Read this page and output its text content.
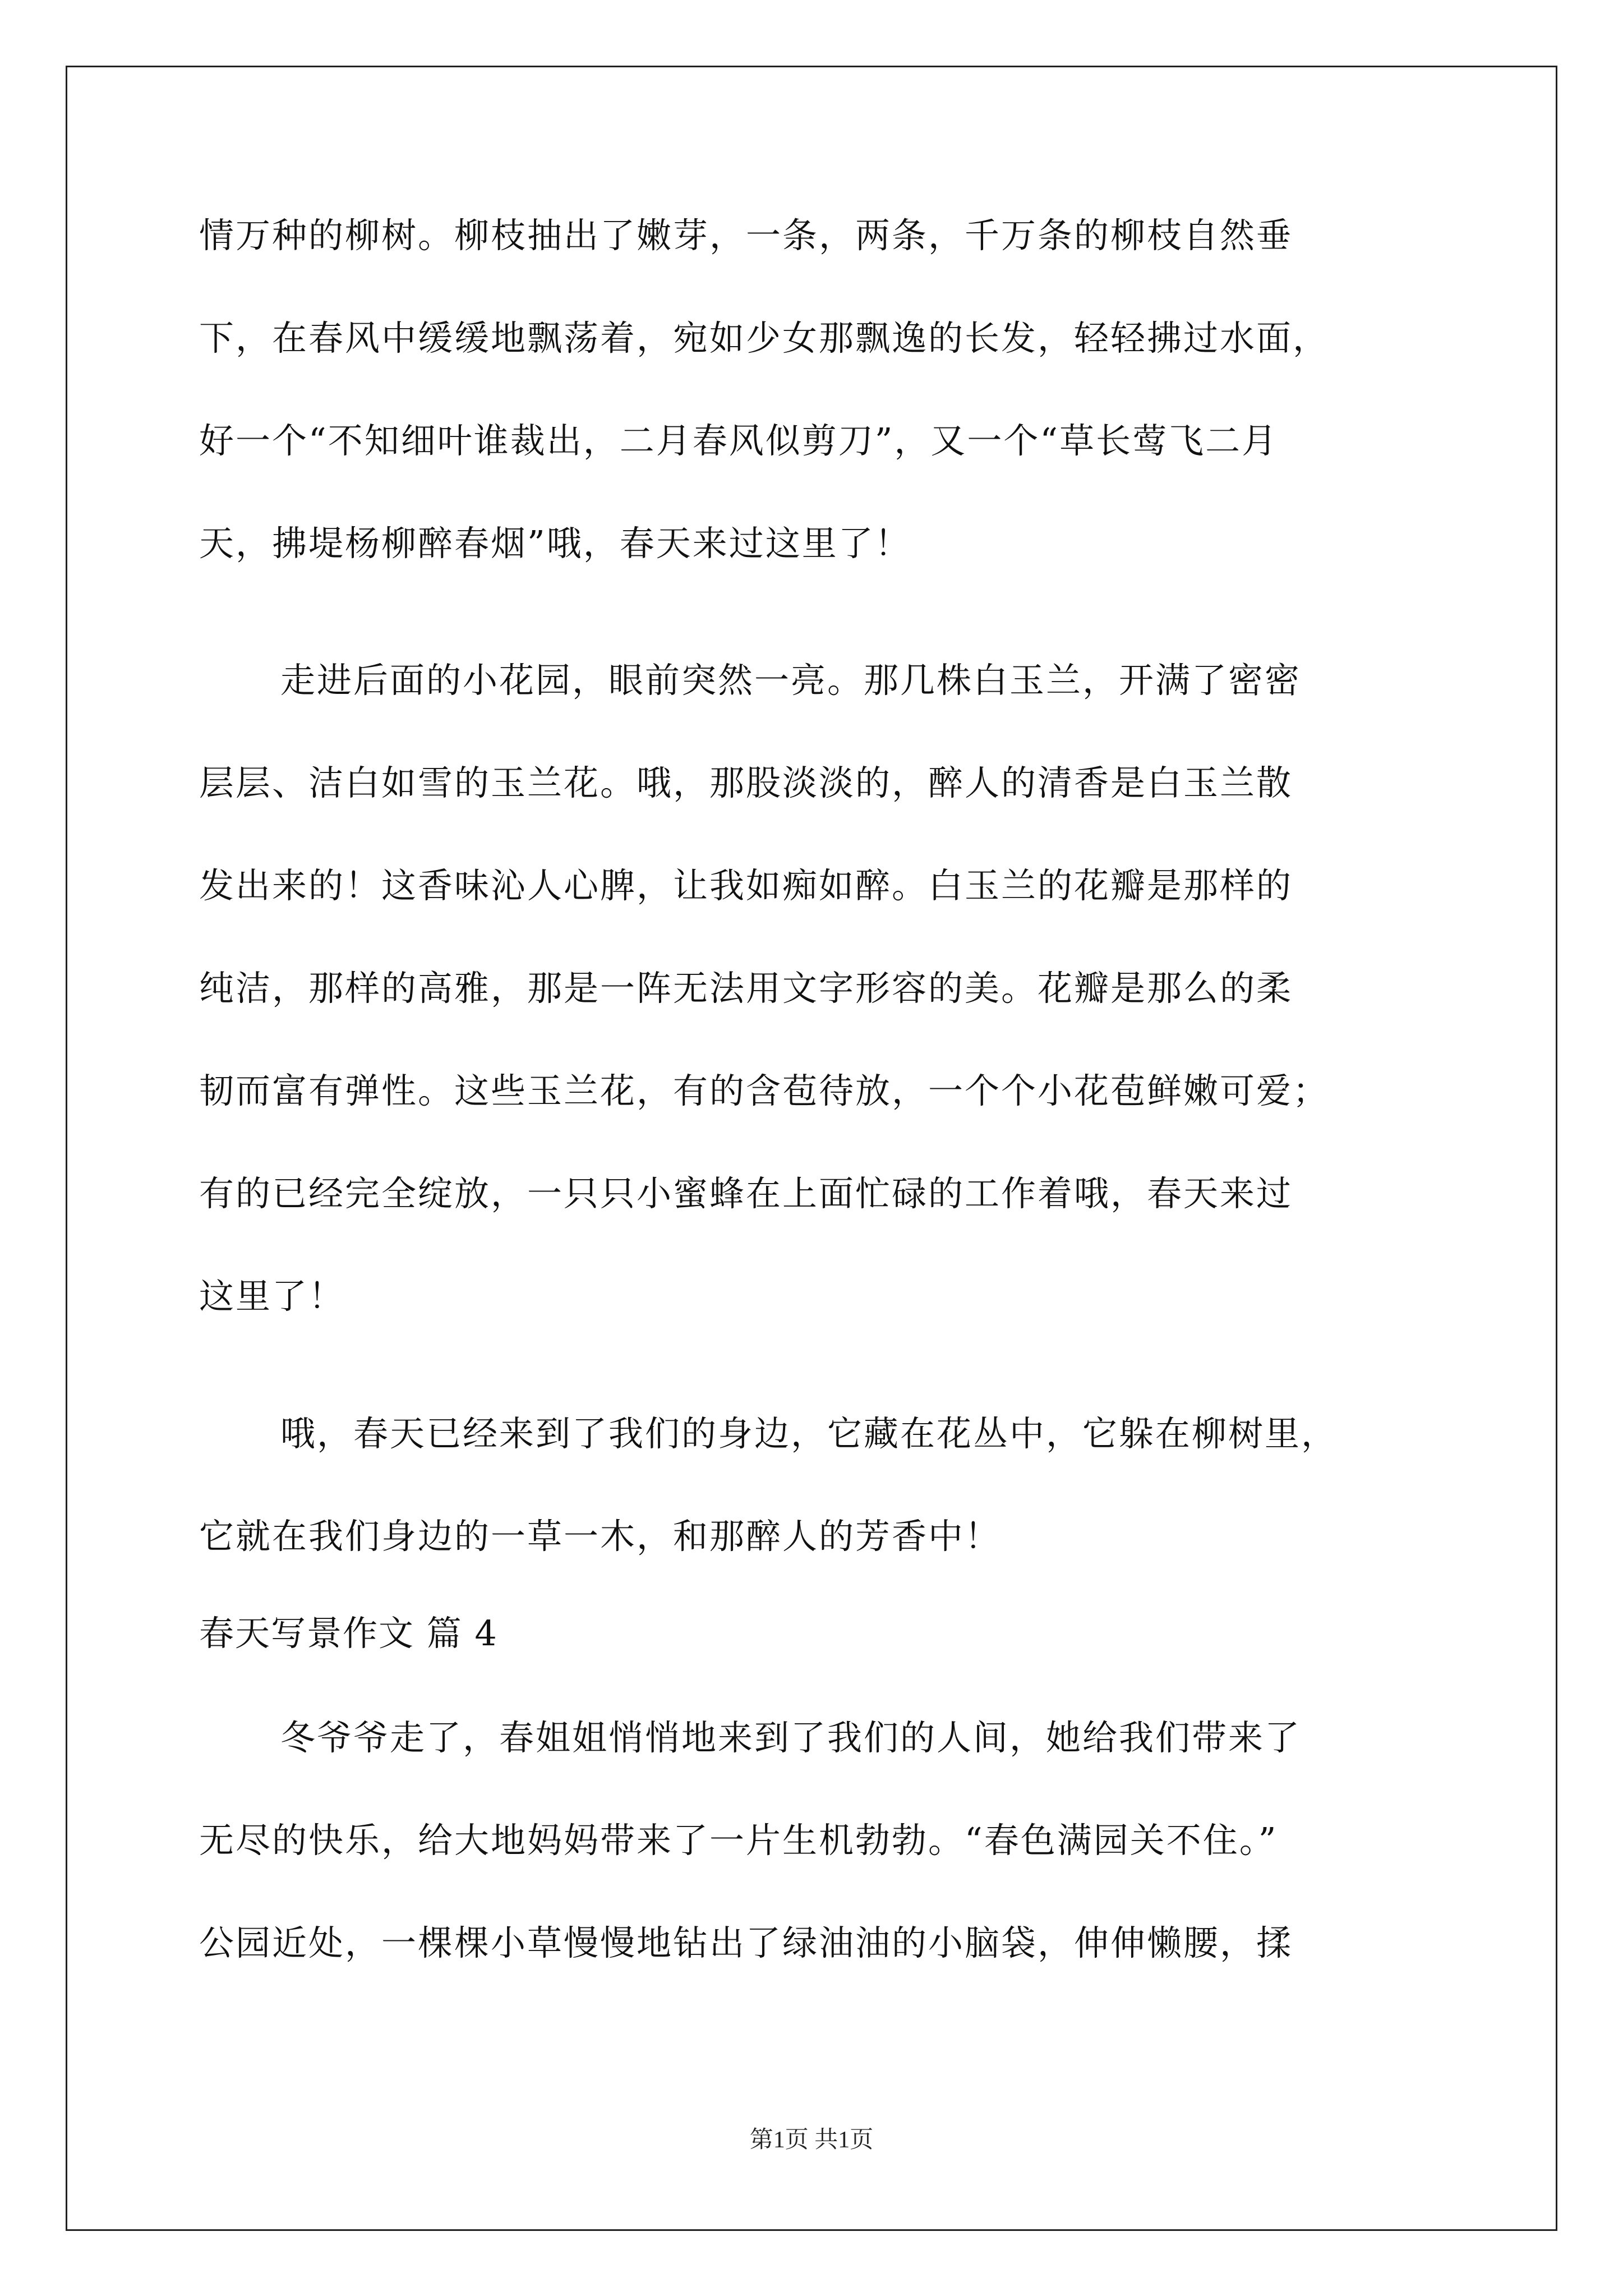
情万种的柳树。柳枝抽出了嫩芽，一条，两条，千万条的柳枝自然垂
下，在春风中缓缓地飘荡着，宛如少女那飘逸的长发，轻轻拂过水面，
好一个“不知细叶谁裁出，二月春风似剪刀”，又一个“草长莺飞二月
天，拂堤杨柳醉春烟”哦，春天来过这里了！
走进后面的小花园，眼前突然一亮。那几株白玉兰，开满了密密
层层、洁白如雪的玉兰花。哦，那股淡淡的，醉人的清香是白玉兰散
发出来的！这香味沁人心脾，让我如痴如醉。白玉兰的花瓣是那样的
纯洁，那样的高雅，那是一阵无法用文字形容的美。花瓣是那么的柔
韧而富有弹性。这些玉兰花，有的含苞待放，一个个小花苞鲜嫩可爱；
有的已经完全绽放，一只只小蜜蜂在上面忙碌的工作着哦，春天来过
这里了！
哦，春天已经来到了我们的身边，它藏在花丛中，它躲在柳树里，
它就在我们身边的一草一木，和那醉人的芳香中！
春天写景作文 篇 4
冬爷爷走了，春姐姐悄悄地来到了我们的人间，她给我们带来了
无尽的快乐，给大地妈妈带来了一片生机勃勃。“春色满园关不住。”
公园近处，一棵棵小草慢慢地钻出了绿油油的小脑袋，伸伸懒腰，揉
第1页 共1页
